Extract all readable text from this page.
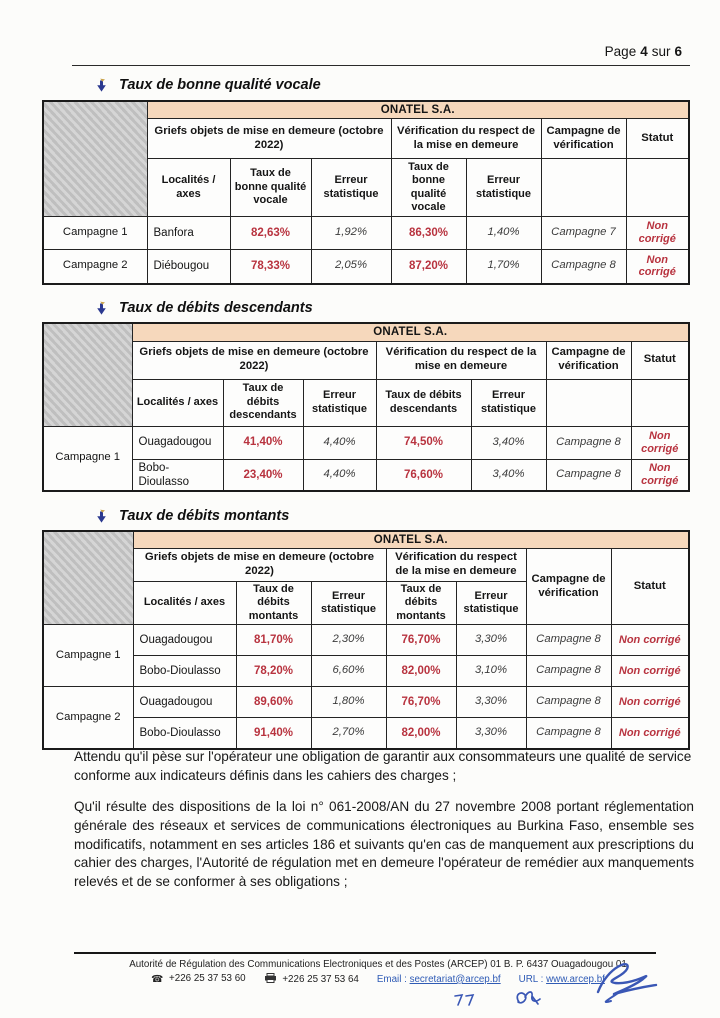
Page 4 sur 6
Taux de bonne qualité vocale
	ONATEL S.A.						
	Griefs objets de mise en demeure (octobre 2022)			Vérification du respect de la mise en demeure		Campagne de vérification	Statut
	Localités / axes	Taux de bonne qualité vocale	Erreur statistique	Taux de bonne qualité vocale	Erreur statistique		
Campagne 1	Banfora	82,63%	1,92%	86,30%	1,40%	Campagne 7	Non corrigé
Campagne 2	Diébougou	78,33%	2,05%	87,20%	1,70%	Campagne 8	Non corrigé
Taux de débits descendants
	ONATEL S.A.						
	Griefs objets de mise en demeure (octobre 2022)			Vérification du respect de la mise en demeure		Campagne de vérification	Statut
	Localités / axes	Taux de débits descendants	Erreur statistique	Taux de débits descendants	Erreur statistique		
Campagne 1	Ouagadougou	41,40%	4,40%	74,50%	3,40%	Campagne 8	Non corrigé
	Bobo-Dioulasso	23,40%	4,40%	76,60%	3,40%	Campagne 8	Non corrigé
Taux de débits montants
	ONATEL S.A.						
	Griefs objets de mise en demeure (octobre 2022)			Vérification du respect de la mise en demeure		Campagne de vérification	Statut
	Localités / axes	Taux de débits montants	Erreur statistique	Taux de débits montants	Erreur statistique		
Campagne 1	Ouagadougou	81,70%	2,30%	76,70%	3,30%	Campagne 8	Non corrigé
	Bobo-Dioulasso	78,20%	6,60%	82,00%	3,10%	Campagne 8	Non corrigé
Campagne 2	Ouagadougou	89,60%	1,80%	76,70%	3,30%	Campagne 8	Non corrigé
	Bobo-Dioulasso	91,40%	2,70%	82,00%	3,30%	Campagne 8	Non corrigé

Attendu qu'il pèse sur l'opérateur une obligation de garantir aux consommateurs une qualité de service conforme aux indicateurs définis dans les cahiers des charges ;

Qu'il résulte des dispositions de la loi n° 061-2008/AN du 27 novembre 2008 portant réglementation générale des réseaux et services de communications électroniques au Burkina Faso, ensemble ses modificatifs, notamment en ses articles 186 et suivants qu'en cas de manquement aux prescriptions du cahier des charges, l'Autorité de régulation met en demeure l'opérateur de remédier aux manquements relevés et de se conformer à ses obligations ;

Autorité de Régulation des Communications Electroniques et des Postes (ARCEP) 01 B. P. 6437 Ouagadougou 01
☎ +226 25 37 53 60	+226 25 37 53 64 Email : secretariat@arcep.bf URL : www.arcep.bf
